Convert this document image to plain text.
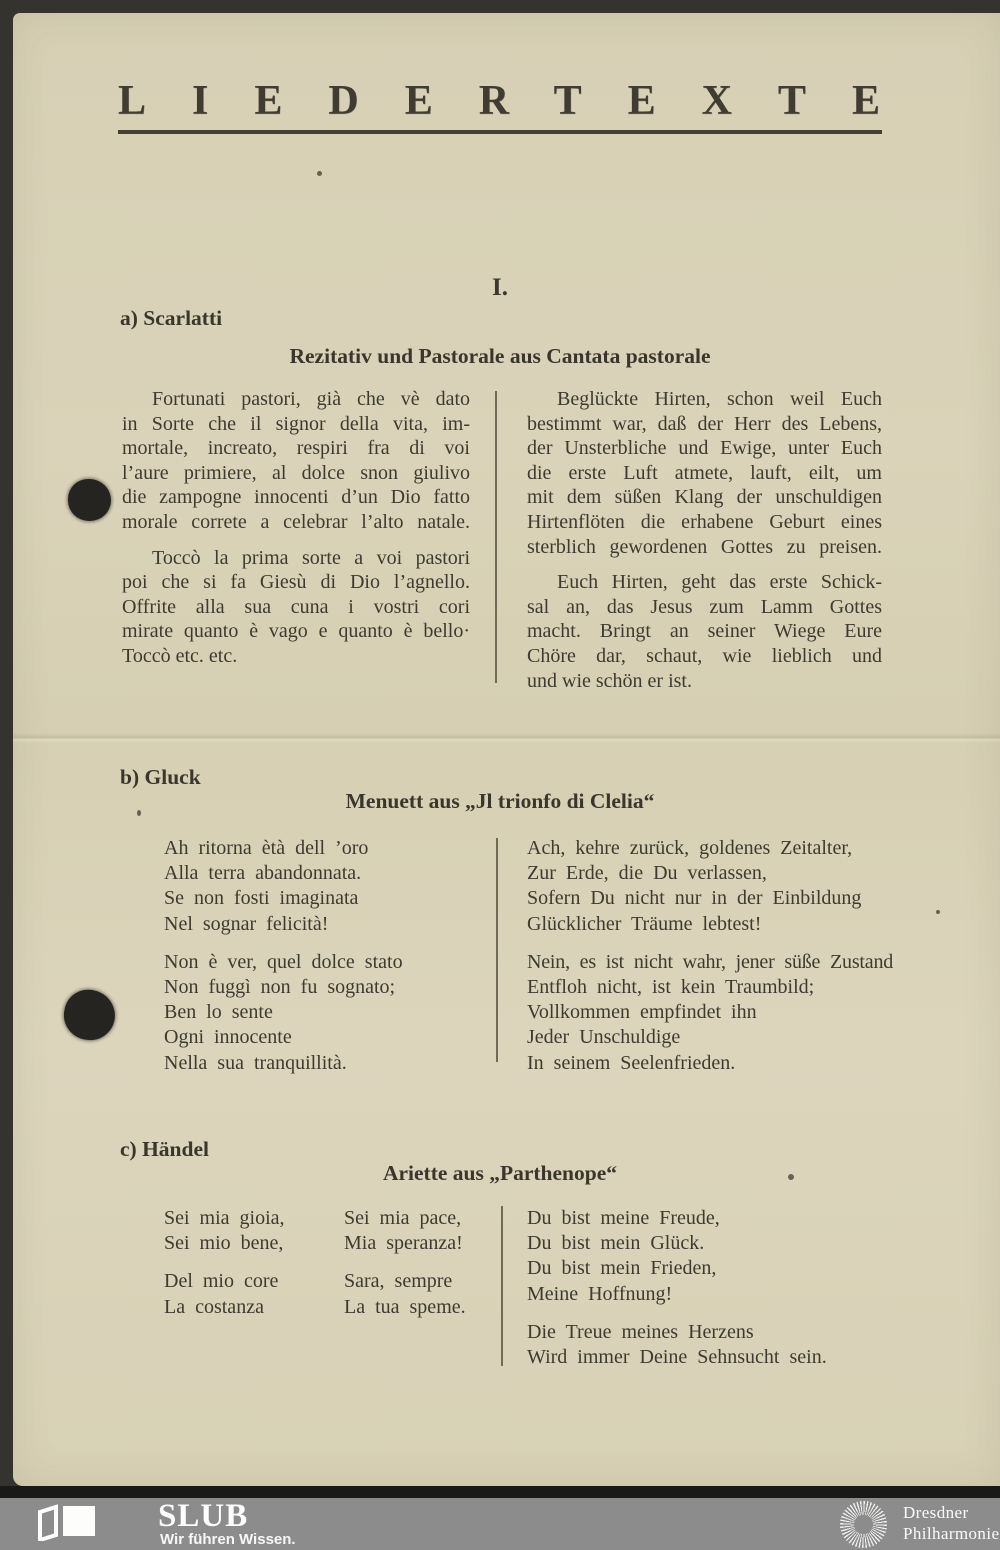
LIEDERTEXTE
I.
a) Scarlatti
Rezitativ und Pastorale aus Cantata pastorale
Fortunati pastori, già che vè dato
in Sorte che il signor della vita, im-
mortale, increato, respiri fra di voi
l’aure primiere, al dolce snon giulivo
die zampogne innocenti d’un Dio fatto
morale correte a celebrar l’alto natale.
Toccò la prima sorte a voi pastori
poi che si fa Giesù di Dio l’agnello.
Offrite alla sua cuna i vostri cori
mirate quanto è vago e quanto è bello·
Toccò etc. etc.
Beglückte Hirten, schon weil Euch
bestimmt war, daß der Herr des Lebens,
der Unsterbliche und Ewige, unter Euch
die erste Luft atmete, lauft, eilt, um
mit dem süßen Klang der unschuldigen
Hirtenflöten die erhabene Geburt eines
sterblich gewordenen Gottes zu preisen.
Euch Hirten, geht das erste Schick-
sal an, das Jesus zum Lamm Gottes
macht. Bringt an seiner Wiege Eure
Chöre dar, schaut, wie lieblich und
und wie schön er ist.
b) Gluck
Menuett aus „Jl trionfo di Clelia“
Ah ritorna ètà dell ’oro
Alla terra abandonnata.
Se non fosti imaginata
Nel sognar felicità!
Non è ver, quel dolce stato
Non fuggì non fu sognato;
Ben lo sente
Ogni innocente
Nella sua tranquillità.
Ach, kehre zurück, goldenes Zeitalter,
Zur Erde, die Du verlassen,
Sofern Du nicht nur in der Einbildung
Glücklicher Träume lebtest!
Nein, es ist nicht wahr, jener süße Zustand
Entfloh nicht, ist kein Traumbild;
Vollkommen empfindet ihn
Jeder Unschuldige
In seinem Seelenfrieden.
c) Händel
Ariette aus „Parthenope“
Sei mia gioia,
Sei mio bene,
Del mio core
La costanza
Sei mia pace,
Mia speranza!
Sara, sempre
La tua speme.
Du bist meine Freude,
Du bist mein Glück.
Du bist mein Frieden,
Meine Hoffnung!
Die Treue meines Herzens
Wird immer Deine Sehnsucht sein.
SLUB
Wir führen Wissen.
Dresdner
Philharmonie
